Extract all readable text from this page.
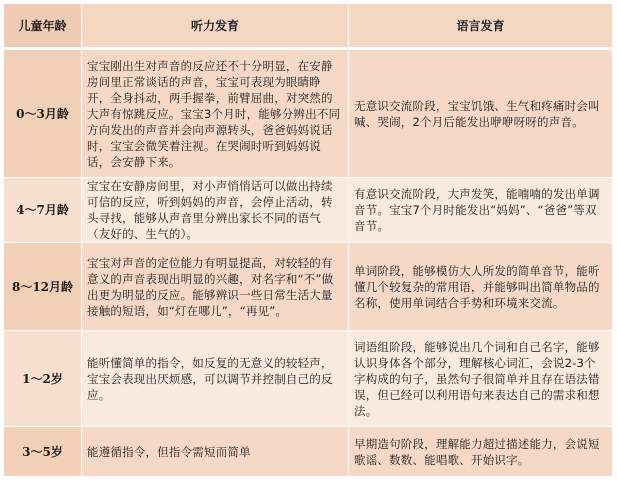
儿童年龄	听力发育	语言发育
0～3月龄	宝宝刚出生对声音的反应还不十分明显，在安静房间里正常谈话的声音，宝宝可表现为眼睛睁开，全身抖动，两手握拳，前臂屈曲，对突然的大声有惊跳反应。宝宝3个月时，能够分辨出不同方向发出的声音并会向声源转头，爸爸妈妈说话时，宝宝会微笑着注视。在哭闹时听到妈妈说话，会安静下来。	无意识交流阶段，宝宝饥饿、生气和疼痛时会叫喊、哭闹，2个月后能发出咿咿呀呀的声音。
4～7月龄	宝宝在安静房间里，对小声悄悄话可以做出持续可信的反应，听到妈妈的声音，会停止活动，转头寻找，能够从声音里分辨出家长不同的语气（友好的、生气的）。	有意识交流阶段，大声发笑，能喃喃的发出单调音节。宝宝7个月时能发出“妈妈”、“爸爸”等双音节。
8～12月龄	宝宝对声音的定位能力有明显提高，对较轻的有意义的声音表现出明显的兴趣，对名字和“不”做出更为明显的反应。能够辨识一些日常生活大量接触的短语，如“灯在哪儿”，“再见”。	单词阶段，能够模仿大人所发的简单音节，能听懂几个较复杂的常用语，并能够叫出简单物品的名称，使用单词结合手势和环境来交流。
1～2岁	能听懂简单的指令，如反复的无意义的较轻声，宝宝会表现出厌烦感，可以调节并控制自己的反应。	词语组阶段，能够说出几个词和自己名字，能够认识身体各个部分，理解核心词汇，会说2-3个字构成的句子，虽然句子很简单并且存在语法错误，但已经可以利用语句来表达自己的需求和想法。
3～5岁	能遵循指令，但指令需短而简单	早期造句阶段，理解能力超过描述能力，会说短歌谣、数数、能唱歌、开始识字。
